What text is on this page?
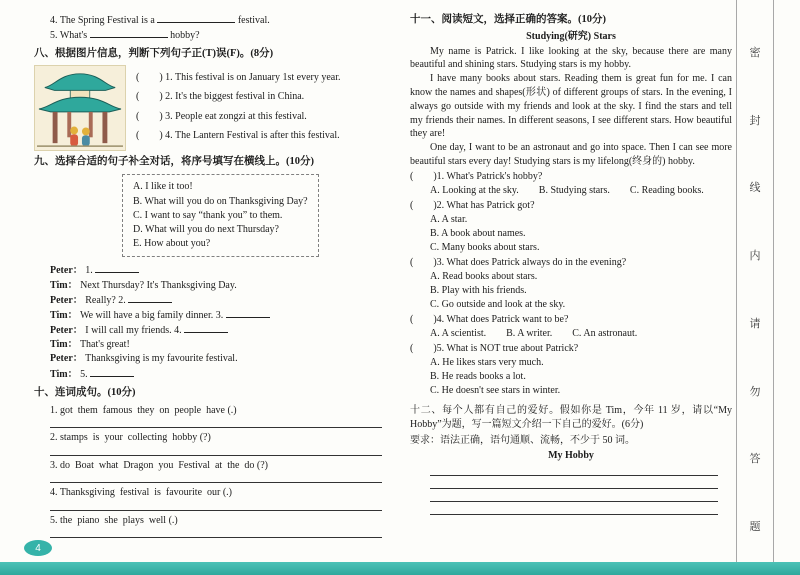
4. The Spring Festival is a	festival.
5. What's	hobby?
八、根据图片信息，判断下列句子正(T)误(F)。(8分)
(　　) 1. This festival is on January 1st every year.
(　　) 2. It's the biggest festival in China.
(　　) 3. People eat zongzi at this festival.
(　　) 4. The Lantern Festival is after this festival.
九、选择合适的句子补全对话，将序号填写在横线上。(10分)
A. I like it too!
B. What will you do on Thanksgiving Day?
C. I want to say “thank you” to them.
D. What will you do next Thursday?
E. How about you?
Peter： 1.
Tim： Next Thursday? It's Thanksgiving Day.
Peter： Really? 2.
Tim： We will have a big family dinner. 3.
Peter： I will call my friends. 4.
Tim： That's great!
Peter： Thanksgiving is my favourite festival.
Tim： 5.
十、连词成句。(10分)
1. got  them  famous  they  on  people  have (.)
2. stamps  is  your  collecting  hobby (?)
3. do  Boat  what  Dragon  you  Festival  at  the  do (?)
4. Thanksgiving  festival  is  favourite  our (.)
5. the  piano  she  plays  well (.)
十一、阅读短文，选择正确的答案。(10分)
Studying(研究) Stars

My name is Patrick. I like looking at the sky, because there are many beautiful and shining stars. Studying stars is my hobby.

I have many books about stars. Reading them is great fun for me. I can know the names and shapes(形状) of different groups of stars. In the evening, I always go outside with my friends and look at the sky. I find the stars and tell my friends their names. In different seasons, I see different stars. How beautiful they are!

One day, I want to be an astronaut and go into space. Then I can see more beautiful stars every day! Studying stars is my lifelong(终身的) hobby.

(　　)1. What's Patrick's hobby?
A. Looking at the sky.　　B. Studying stars.　　C. Reading books.
(　　)2. What has Patrick got?
A. A star.
B. A book about names.
C. Many books about stars.
(　　)3. What does Patrick always do in the evening?
A. Read books about stars.
B. Play with his friends.
C. Go outside and look at the sky.
(　　)4. What does Patrick want to be?
A. A scientist.　　B. A writer.　　C. An astronaut.
(　　)5. What is NOT true about Patrick?
A. He likes stars very much.
B. He reads books a lot.
C. He doesn't see stars in winter.

十二、每个人都有自己的爱好。假如你是 Tim，今年 11 岁，请以“My Hobby”为题，写一篇短文介绍一下自己的爱好。(6分)

要求：语法正确，语句通顺、流畅，不少于 50 词。
My Hobby
密
封
线
内
请
勿
答
题
4
